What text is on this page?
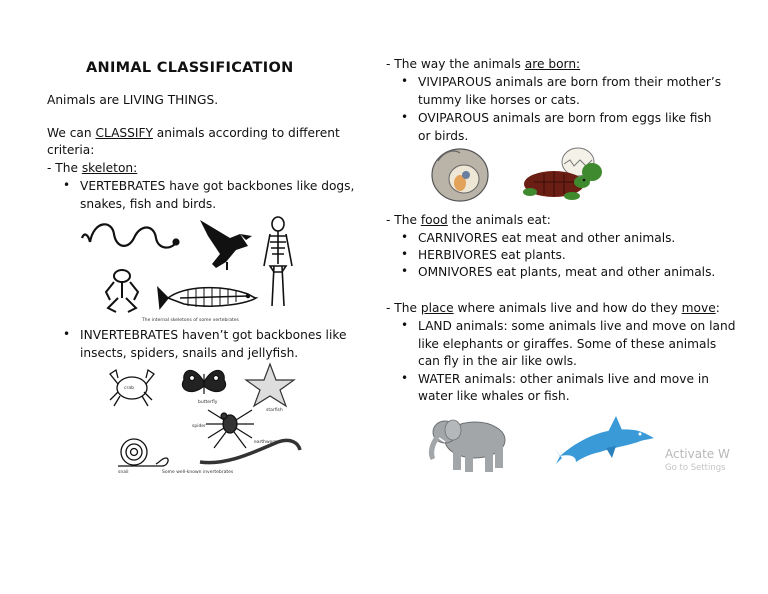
ANIMAL CLASSIFICATION
Animals are LIVING THINGS.
We can CLASSIFY animals according to different
criteria:
- The skeleton:
• VERTEBRATES have got backbones like dogs,
snakes, fish and birds.
The internal skeletons of some vertebrates
• INVERTEBRATES haven’t got backbones like
insects, spiders, snails and jellyfish.
crab
butterfly
starfish
spider
earthworm
snail	Some well-known invertebrates
- The way the animals are born:
• VIVIPAROUS animals are born from their mother’s
tummy like horses or cats.
• OVIPAROUS animals are born from eggs like fish
or birds.
- The food the animals eat:
• CARNIVORES eat meat and other animals.
• HERBIVORES eat plants.
• OMNIVORES eat plants, meat and other animals.
- The place where animals live and how do they move:
• LAND animals: some animals live and move on land
like elephants or giraffes. Some of these animals
can fly in the air like owls.
• WATER animals: other animals live and move in
water like whales or fish.
Activate W
Go to Settings
